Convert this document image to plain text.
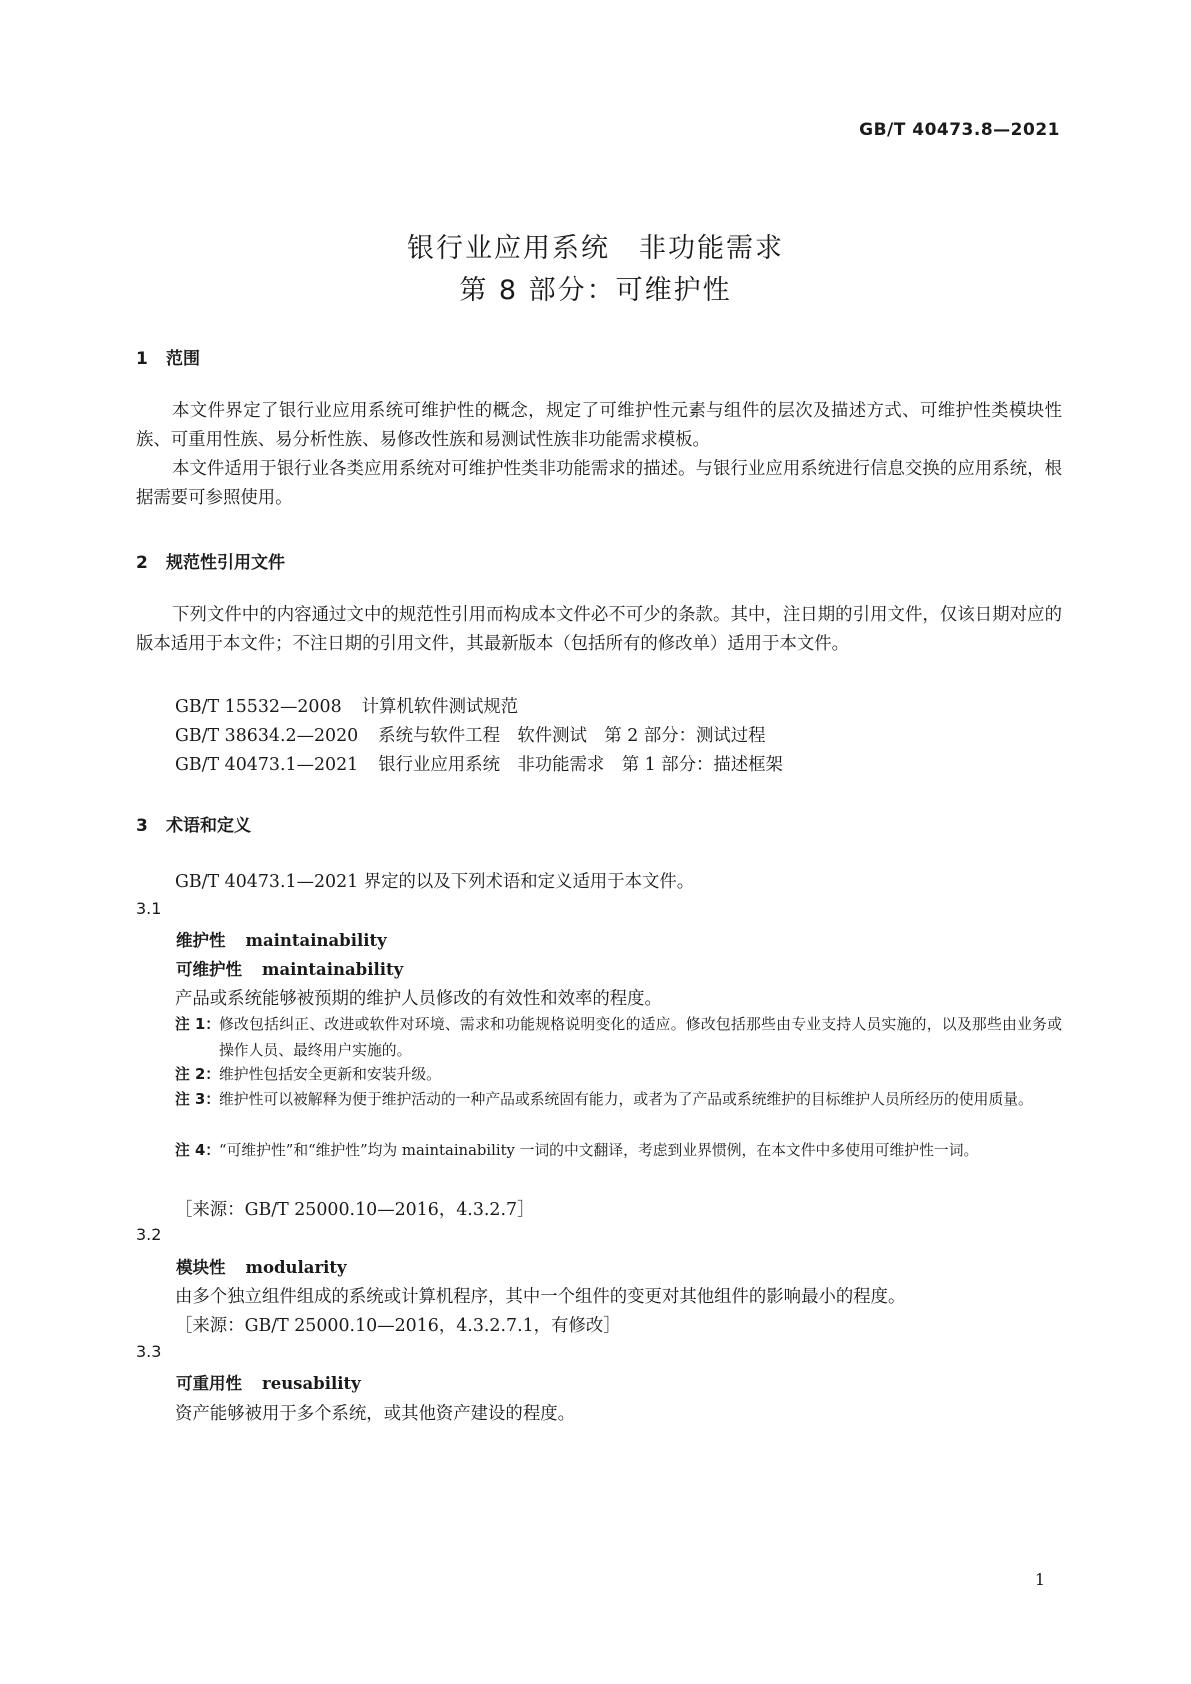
GB/T 40473.8—2021
银行业应用系统　非功能需求
第 8 部分：可维护性
1 范围
本文件界定了银行业应用系统可维护性的概念，规定了可维护性元素与组件的层次及描述方式、可维护性类模块性族、可重用性族、易分析性族、易修改性族和易测试性族非功能需求模板。
本文件适用于银行业各类应用系统对可维护性类非功能需求的描述。与银行业应用系统进行信息交换的应用系统，根据需要可参照使用。
2 规范性引用文件
下列文件中的内容通过文中的规范性引用而构成本文件必不可少的条款。其中，注日期的引用文件，仅该日期对应的版本适用于本文件；不注日期的引用文件，其最新版本（包括所有的修改单）适用于本文件。
GB/T 15532—2008 计算机软件测试规范
GB/T 38634.2—2020 系统与软件工程　软件测试　第 2 部分：测试过程
GB/T 40473.1—2021 银行业应用系统　非功能需求　第 1 部分：描述框架
3 术语和定义
GB/T 40473.1—2021 界定的以及下列术语和定义适用于本文件。
3.1
维护性 maintainability
可维护性 maintainability
产品或系统能够被预期的维护人员修改的有效性和效率的程度。
注 1：
修改包括纠正、改进或软件对环境、需求和功能规格说明变化的适应。修改包括那些由专业支持人员实施的，以及那些由业务或操作人员、最终用户实施的。
注 2：
维护性包括安全更新和安装升级。
注 3：
维护性可以被解释为便于维护活动的一种产品或系统固有能力，或者为了产品或系统维护的目标维护人员所经历的使用质量。
注 4：
“可维护性”和“维护性”均为 maintainability 一词的中文翻译，考虑到业界惯例，在本文件中多使用可维护性一词。
［来源：GB/T 25000.10—2016，4.3.2.7］
3.2
模块性 modularity
由多个独立组件组成的系统或计算机程序，其中一个组件的变更对其他组件的影响最小的程度。
［来源：GB/T 25000.10—2016，4.3.2.7.1，有修改］
3.3
可重用性 reusability
资产能够被用于多个系统，或其他资产建设的程度。
1
